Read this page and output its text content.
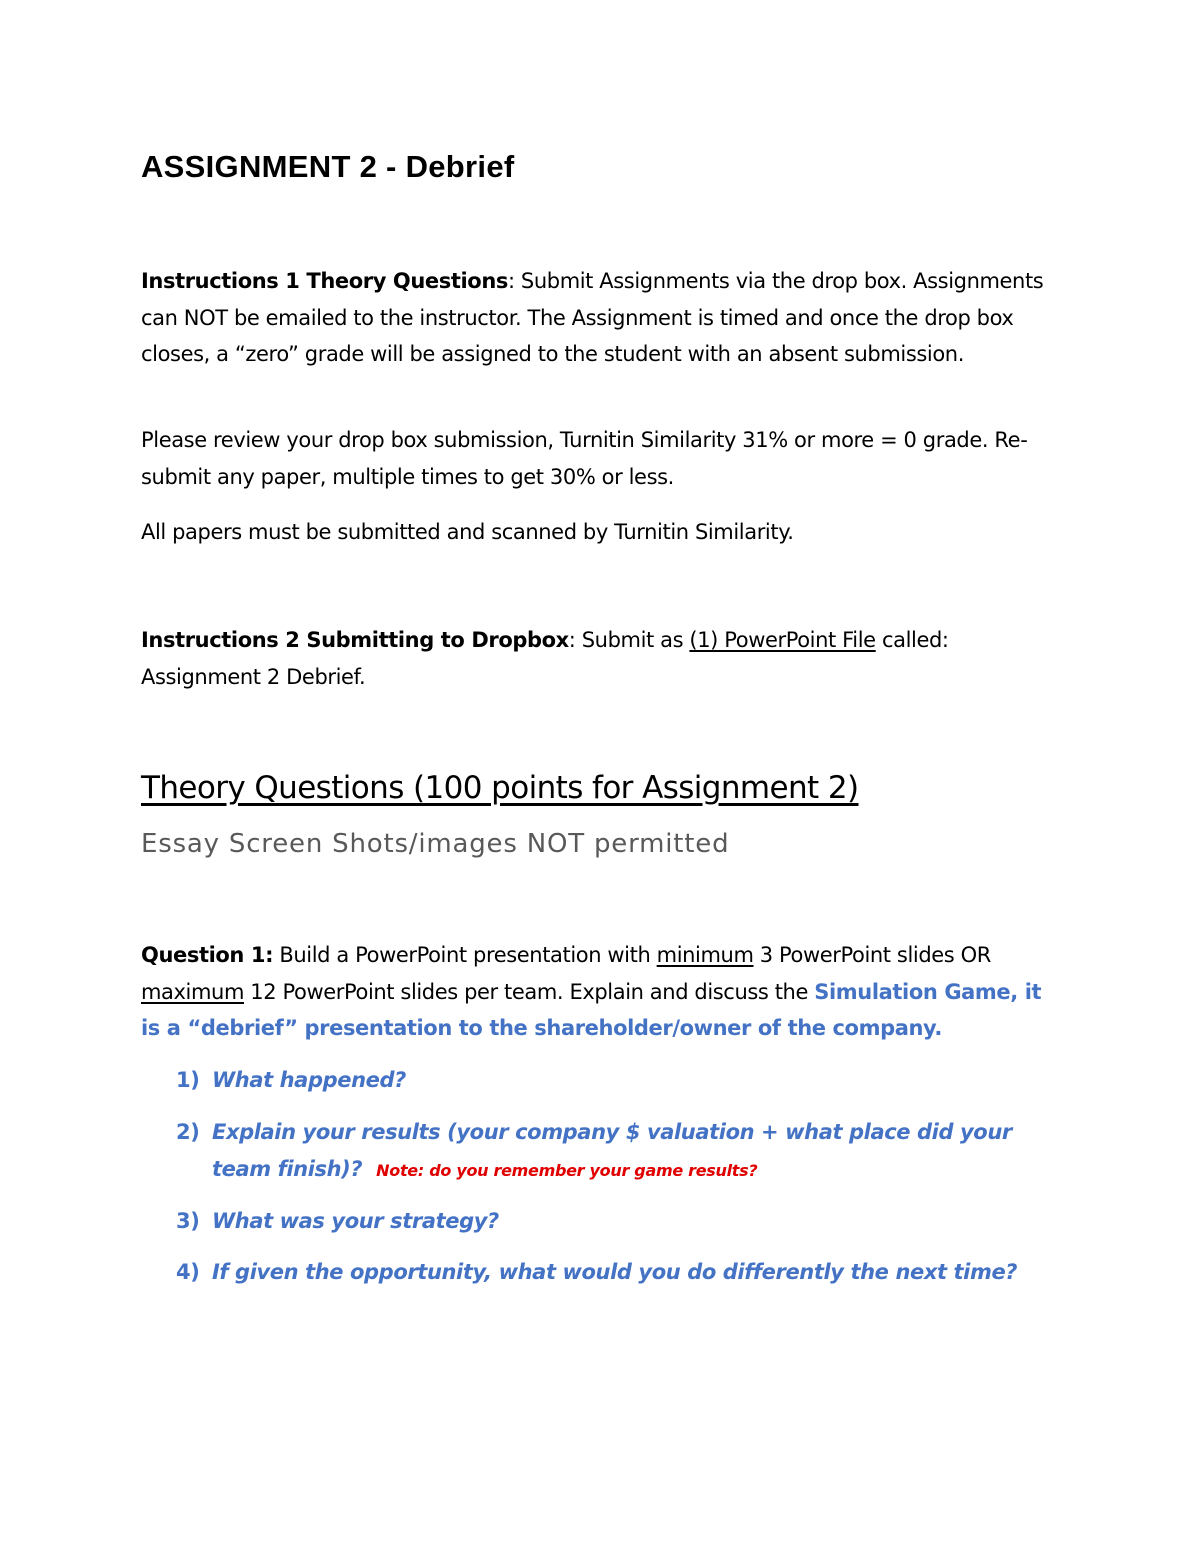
ASSIGNMENT 2 - Debrief
Instructions 1 Theory Questions: Submit Assignments via the drop box. Assignments can NOT be emailed to the instructor. The Assignment is timed and once the drop box closes, a “zero” grade will be assigned to the student with an absent submission.
Please review your drop box submission, Turnitin Similarity 31% or more = 0 grade. Re-submit any paper, multiple times to get 30% or less.
All papers must be submitted and scanned by Turnitin Similarity.
Instructions 2 Submitting to Dropbox: Submit as (1) PowerPoint File called: Assignment 2 Debrief.
Theory Questions (100 points for Assignment 2)
Essay Screen Shots/images NOT permitted
Question 1: Build a PowerPoint presentation with minimum 3 PowerPoint slides OR maximum 12 PowerPoint slides per team. Explain and discuss the Simulation Game, it is a “debrief” presentation to the shareholder/owner of the company.
1) What happened?
2) Explain your results (your company $ valuation + what place did your team finish)? Note: do you remember your game results?
3) What was your strategy?
4) If given the opportunity, what would you do differently the next time?
